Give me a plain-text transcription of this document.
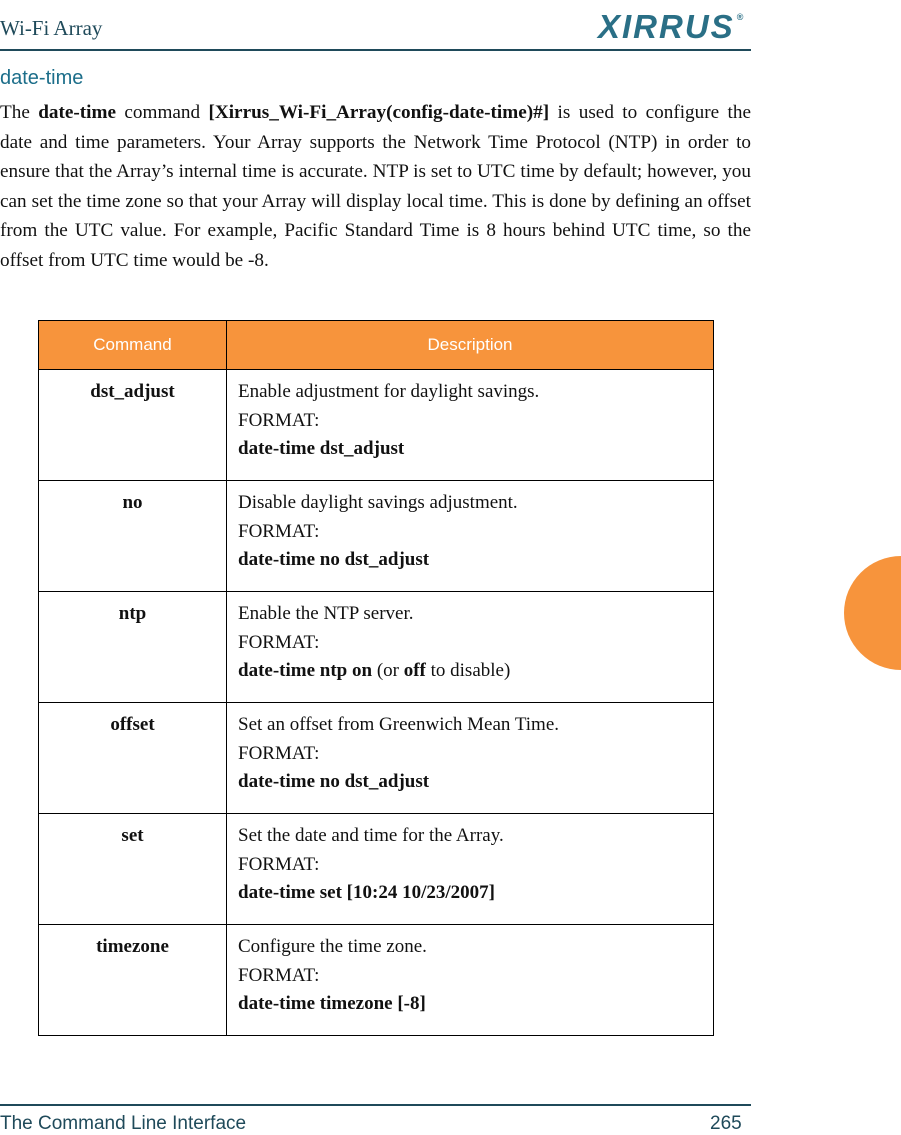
Wi-Fi Array	XIRRUS ®
date-time
The date-time command [Xirrus_Wi-Fi_Array(config-date-time)#] is used to configure the date and time parameters. Your Array supports the Network Time Protocol (NTP) in order to ensure that the Array’s internal time is accurate. NTP is set to UTC time by default; however, you can set the time zone so that your Array will display local time. This is done by defining an offset from the UTC value. For example, Pacific Standard Time is 8 hours behind UTC time, so the offset from UTC time would be -8.
Command	Description
dst_adjust	Enable adjustment for daylight savings.
FORMAT:
date-time dst_adjust

no	Disable daylight savings adjustment.
FORMAT:
date-time no dst_adjust

ntp	Enable the NTP server.
FORMAT:
date-time ntp on (or off to disable)

offset	Set an offset from Greenwich Mean Time.
FORMAT:
date-time no dst_adjust

set	Set the date and time for the Array.
FORMAT:
date-time set [10:24 10/23/2007]

timezone	Configure the time zone.
FORMAT:
date-time timezone [-8]
The Command Line Interface	265
